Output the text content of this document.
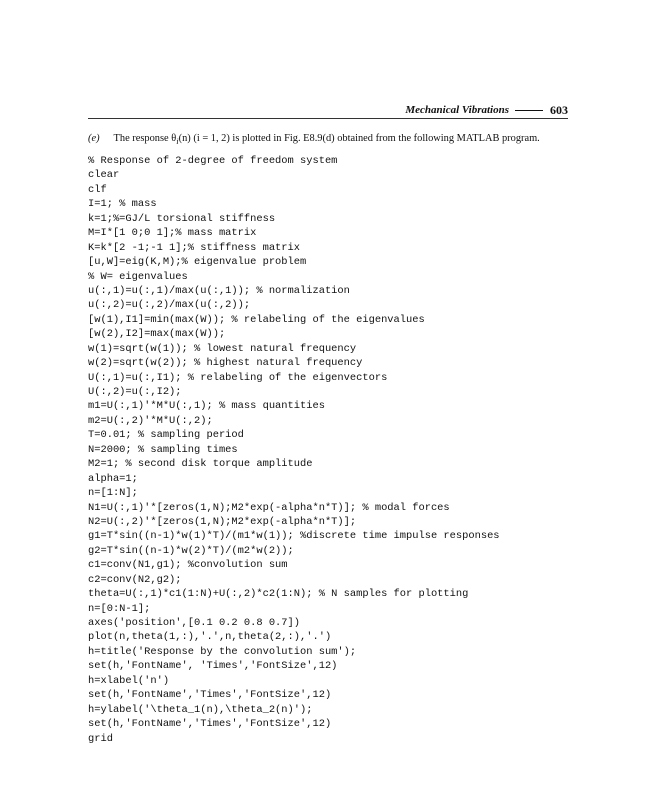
Mechanical Vibrations	603
(e) The response $\theta_i(n) (i = 1$, 2) is plotted in Fig. E8.9(d) obtained from the following MATLAB program.
% Response of 2-degree of freedom system
clear
clf
I=1; % mass
k=1;%=GJ/L torsional stiffness
M=I*[1 0;0 1];% mass matrix
K=k*[2 -1;-1 1];% stiffness matrix
[u,W]=eig(K,M);% eigenvalue problem
% W= eigenvalues
u(:,1)=u(:,1)/max(u(:,1)); % normalization
u(:,2)=u(:,2)/max(u(:,2));
[w(1),I1]=min(max(W)); % relabeling of the eigenvalues
[w(2),I2]=max(max(W));
w(1)=sqrt(w(1)); % lowest natural frequency
w(2)=sqrt(w(2)); % highest natural frequency
U(:,1)=u(:,I1); % relabeling of the eigenvectors
U(:,2)=u(:,I2);
m1=U(:,1)'*M*U(:,1); % mass quantities
m2=U(:,2)'*M*U(:,2);
T=0.01; % sampling period
N=2000; % sampling times
M2=1; % second disk torque amplitude
alpha=1;
n=[1:N];
N1=U(:,1)'*[zeros(1,N);M2*exp(-alpha*n*T)]; % modal forces
N2=U(:,2)'*[zeros(1,N);M2*exp(-alpha*n*T)];
g1=T*sin((n-1)*w(1)*T)/(m1*w(1)); %discrete time impulse responses
g2=T*sin((n-1)*w(2)*T)/(m2*w(2));
c1=conv(N1,g1); %convolution sum
c2=conv(N2,g2);
theta=U(:,1)*c1(1:N)+U(:,2)*c2(1:N); % N samples for plotting
n=[0:N-1];
axes('position',[0.1 0.2 0.8 0.7])
plot(n,theta(1,:),'.',n,theta(2,:),'.')
h=title('Response by the convolution sum');
set(h,'FontName', 'Times','FontSize',12)
h=xlabel('n')
set(h,'FontName','Times','FontSize',12)
h=ylabel('\theta_1(n),\theta_2(n)');
set(h,'FontName','Times','FontSize',12)
grid
